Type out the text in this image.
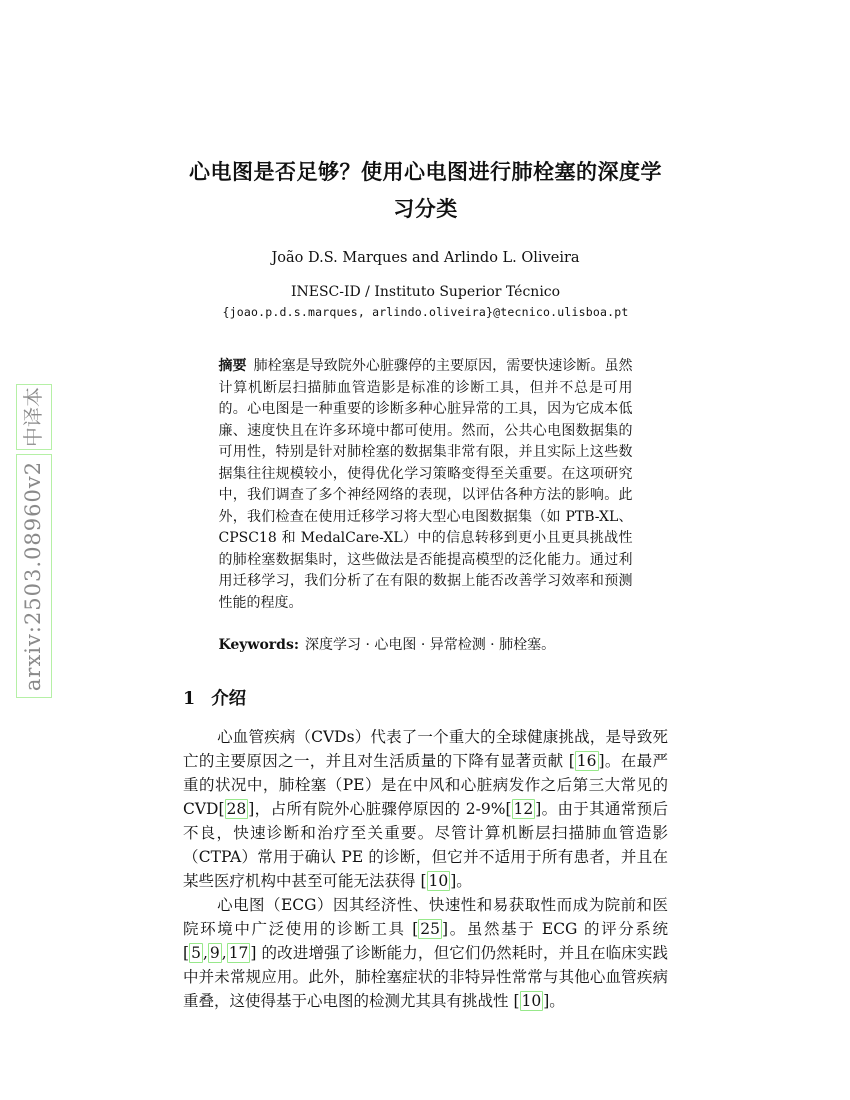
arxiv:2503.08960v2
中译本
心电图是否足够？使用心电图进行肺栓塞的深度学习分类
João D.S. Marques and Arlindo L. Oliveira
INESC-ID / Instituto Superior Técnico
{joao.p.d.s.marques, arlindo.oliveira}@tecnico.ulisboa.pt

摘要 肺栓塞是导致院外心脏骤停的主要原因，需要快速诊断。虽然计算机断层扫描肺血管造影是标准的诊断工具，但并不总是可用的。心电图是一种重要的诊断多种心脏异常的工具，因为它成本低廉、速度快且在许多环境中都可使用。然而，公共心电图数据集的可用性，特别是针对肺栓塞的数据集非常有限，并且实际上这些数据集往往规模较小，使得优化学习策略变得至关重要。在这项研究中，我们调查了多个神经网络的表现，以评估各种方法的影响。此外，我们检查在使用迁移学习将大型心电图数据集（如 PTB-XL、CPSC18 和 MedalCare-XL）中的信息转移到更小且更具挑战性的肺栓塞数据集时，这些做法是否能提高模型的泛化能力。通过利用迁移学习，我们分析了在有限的数据上能否改善学习效率和预测性能的程度。

Keywords: 深度学习 · 心电图 · 异常检测 · 肺栓塞。

1 介绍

心血管疾病（CVDs）代表了一个重大的全球健康挑战，是导致死亡的主要原因之一，并且对生活质量的下降有显著贡献 [ 16 ]。在最严重的状况中，肺栓塞（PE）是在中风和心脏病发作之后第三大常见的 CVD[ 28 ]，占所有院外心脏骤停原因的 2-9%[ 12 ]。由于其通常预后不良，快速诊断和治疗至关重要。尽管计算机断层扫描肺血管造影（CTPA）常用于确认 PE 的诊断，但它并不适用于所有患者，并且在某些医疗机构中甚至可能无法获得 [ 10 ]。

心电图（ECG）因其经济性、快速性和易获取性而成为院前和医院环境中广泛使用的诊断工具 [ 25 ]。虽然基于 ECG 的评分系统 [ 5 , 9 , 17 ] 的改进增强了诊断能力，但它们仍然耗时，并且在临床实践中并未常规应用。此外，肺栓塞症状的非特异性常常与其他心血管疾病重叠，这使得基于心电图的检测尤其具有挑战性 [ 10 ]。
